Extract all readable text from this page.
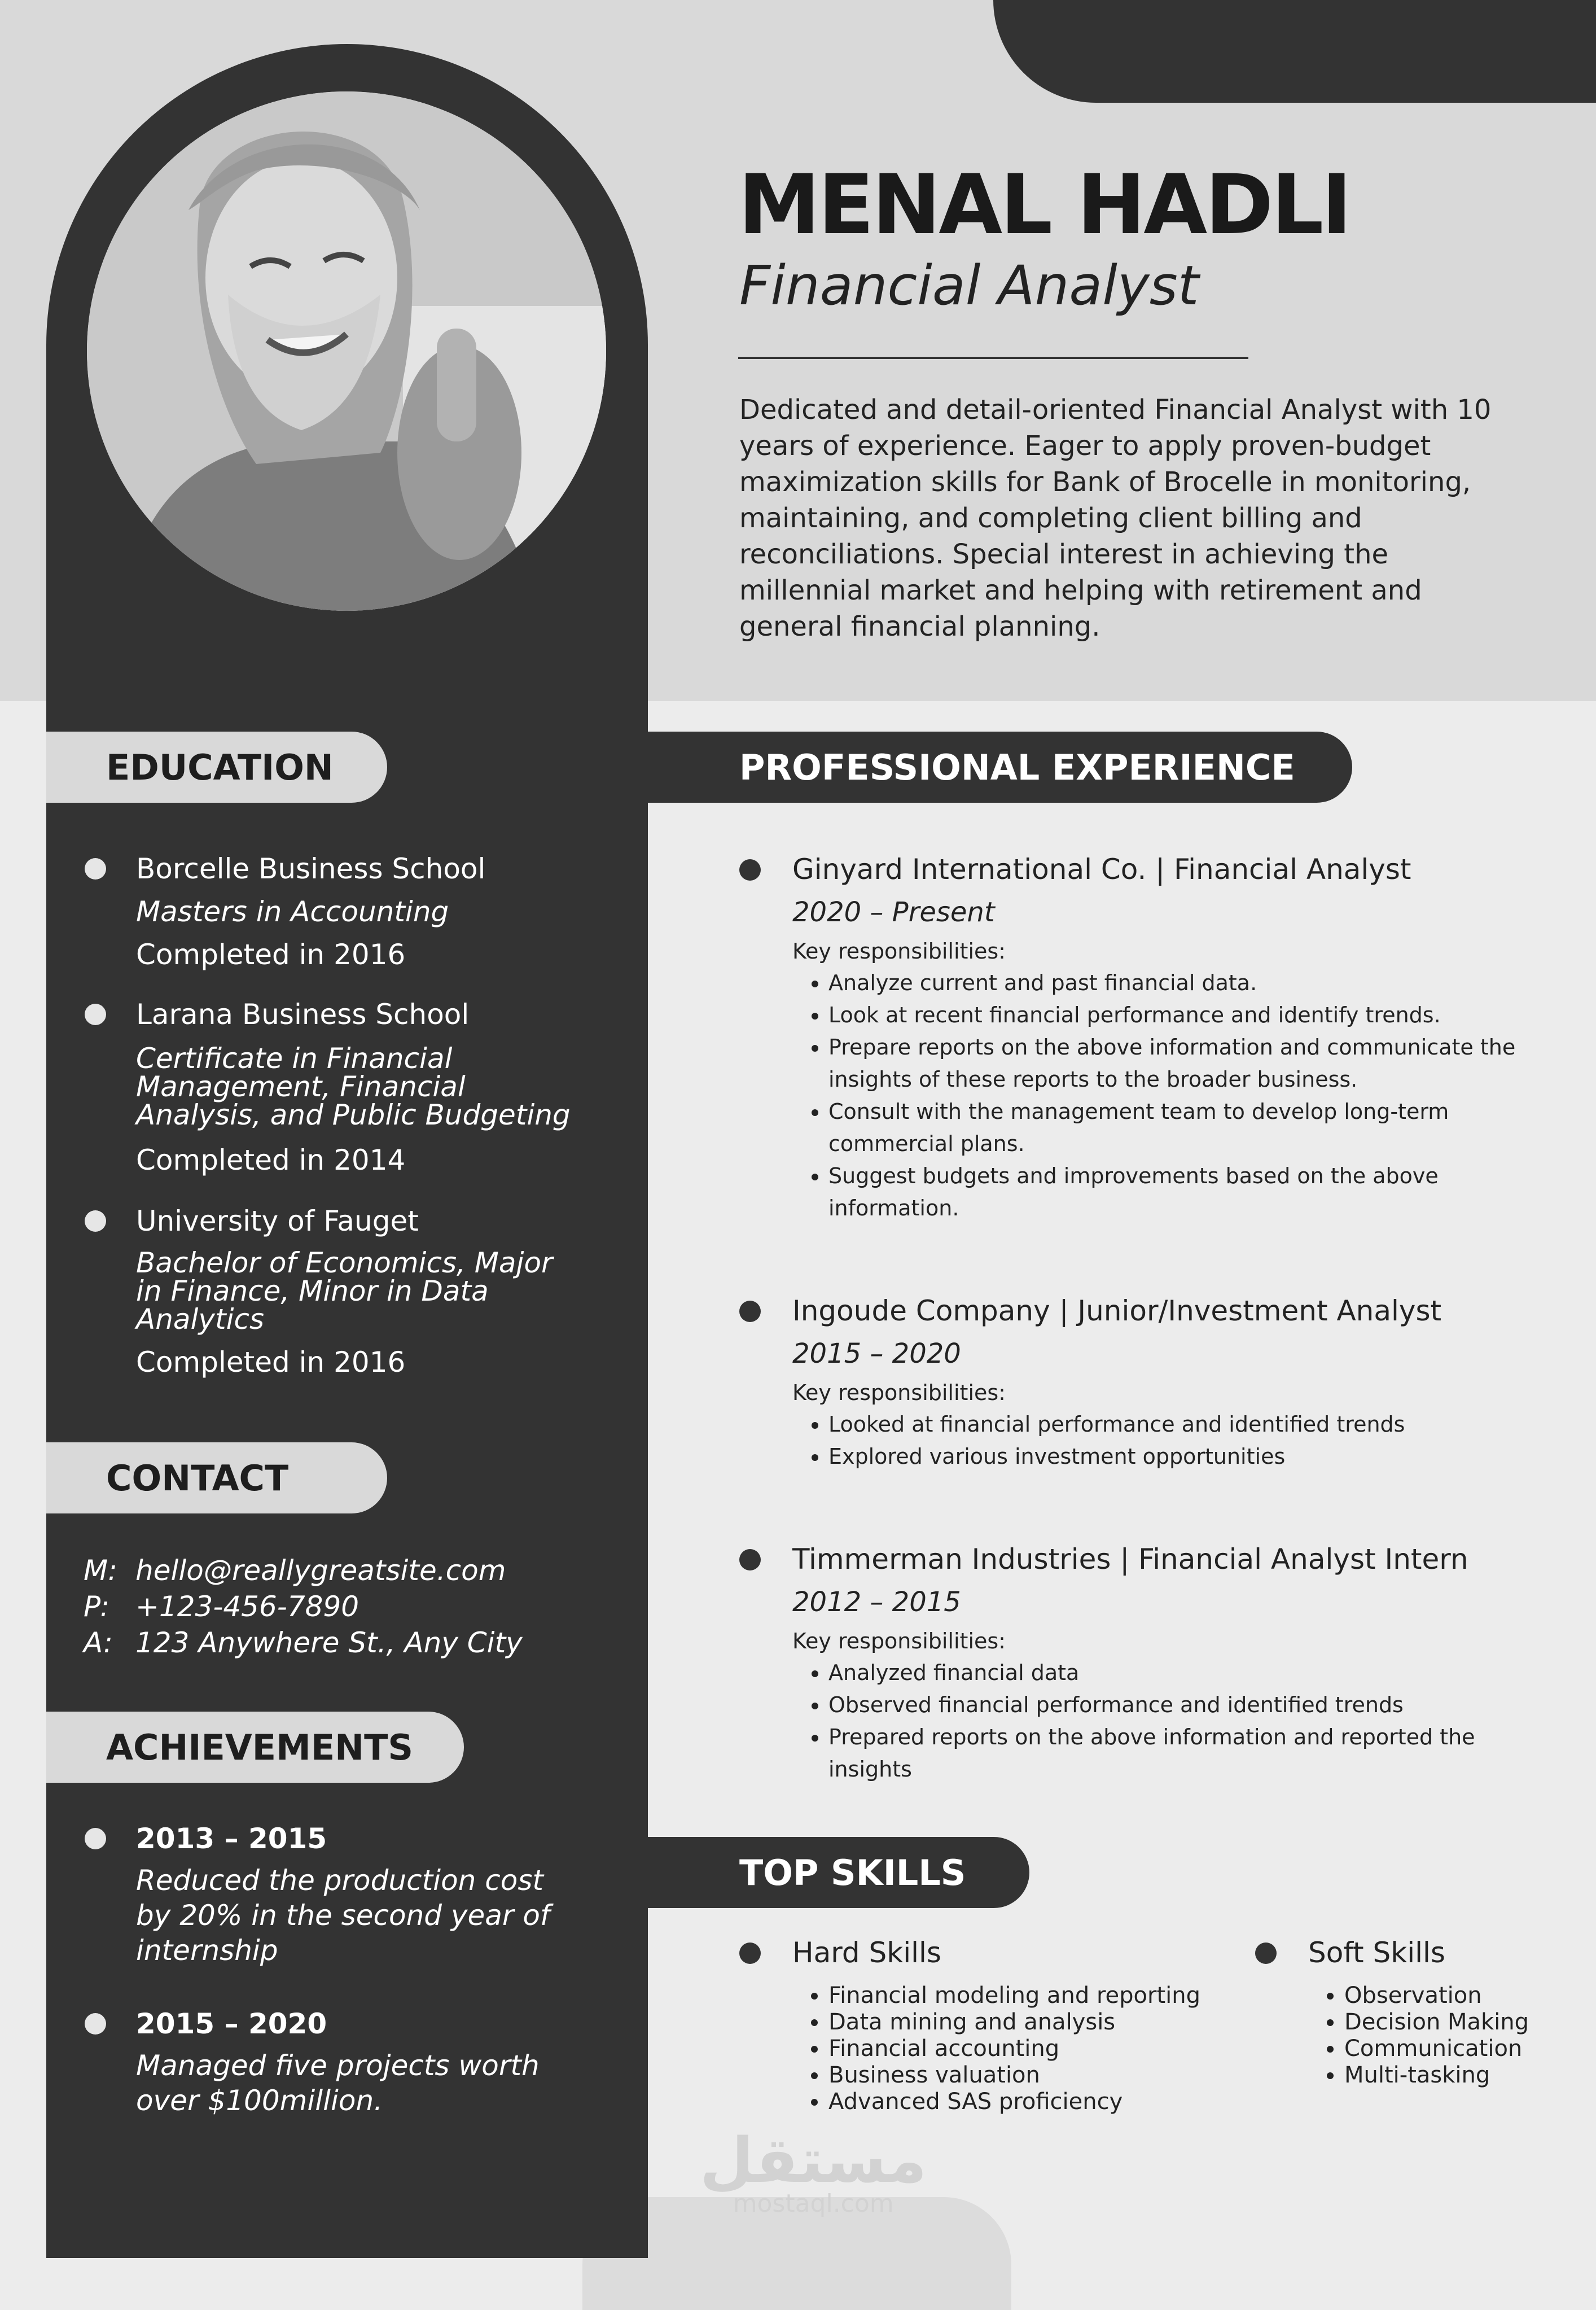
MENAL HADLI
Financial Analyst
Dedicated and detail-oriented Financial Analyst with 10 years of experience. Eager to apply proven-budget maximization skills for Bank of Brocelle in monitoring, maintaining, and completing client billing and reconciliations. Special interest in achieving the millennial market and helping with retirement and general financial planning.
EDUCATION
Borcelle Business School
Masters in Accounting
Completed in 2016
Larana Business School
Certificate in Financial Management, Financial Analysis, and Public Budgeting
Completed in 2014
University of Fauget
Bachelor of Economics, Major in Finance, Minor in Data Analytics
Completed in 2016
CONTACT
M: hello@reallygreatsite.com
P: +123-456-7890
A: 123 Anywhere St., Any City
ACHIEVEMENTS
2013 – 2015
Reduced the production cost by 20% in the second year of internship
2015 – 2020
Managed five projects worth over $100million.
PROFESSIONAL EXPERIENCE
Ginyard International Co. | Financial Analyst
2020 – Present
Key responsibilities:
• Analyze current and past financial data.
• Look at recent financial performance and identify trends.
• Prepare reports on the above information and communicate the insights of these reports to the broader business.
• Consult with the management team to develop long-term commercial plans.
• Suggest budgets and improvements based on the above information.
Ingoude Company | Junior/Investment Analyst
2015 – 2020
Key responsibilities:
• Looked at financial performance and identified trends
• Explored various investment opportunities
Timmerman Industries | Financial Analyst Intern
2012 – 2015
Key responsibilities:
• Analyzed financial data
• Observed financial performance and identified trends
• Prepared reports on the above information and reported the insights
TOP SKILLS
Hard Skills
• Financial modeling and reporting
• Data mining and analysis
• Financial accounting
• Business valuation
• Advanced SAS proficiency
Soft Skills
• Observation
• Decision Making
• Communication
• Multi-tasking
مستقل
mostaql.com
